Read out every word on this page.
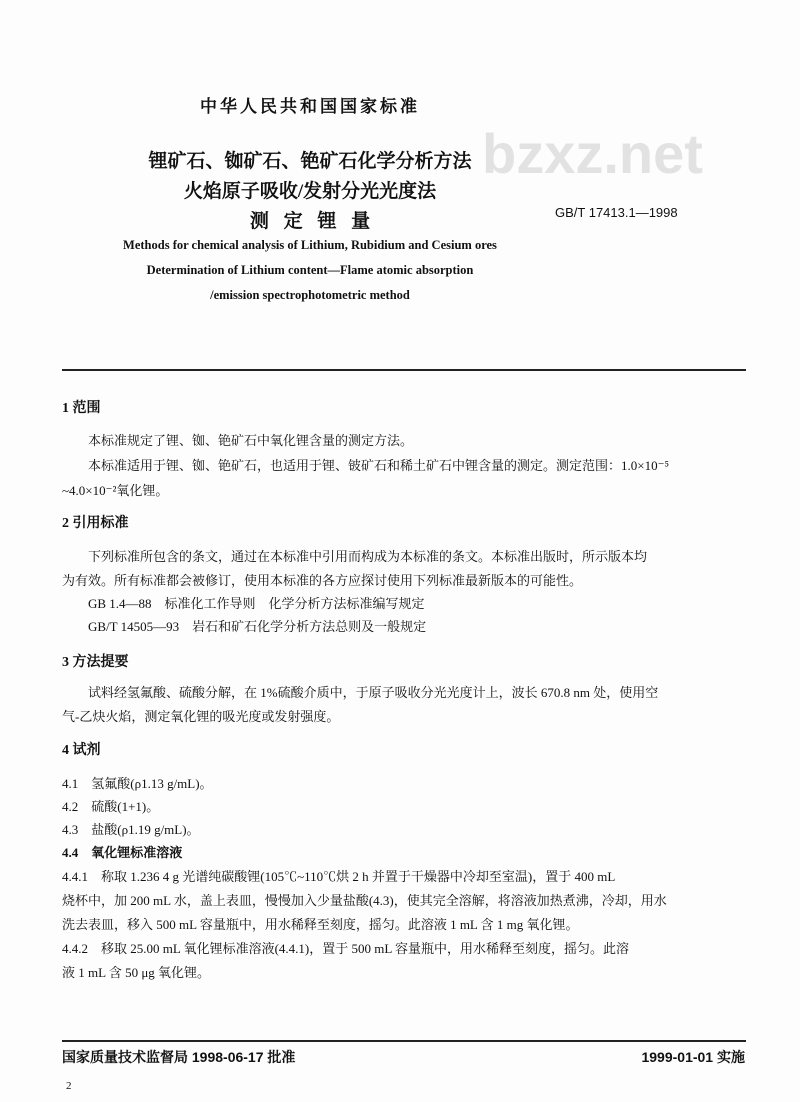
bzxz.net
中华人民共和国国家标准
锂矿石、铷矿石、铯矿石化学分析方法
火焰原子吸收/发射分光光度法
测 定 锂 量	GB/T 17413.1—1998
Methods for chemical analysis of Lithium, Rubidium and Cesium ores
Determination of Lithium content—Flame atomic absorption
/emission spectrophotometric method
1 范围
本标准规定了锂、铷、铯矿石中氧化锂含量的测定方法。
本标准适用于锂、铷、铯矿石，也适用于锂、铍矿石和稀土矿石中锂含量的测定。测定范围：1.0×10⁻⁵
~4.0×10⁻²氧化锂。
2 引用标准
下列标准所包含的条文，通过在本标准中引用而构成为本标准的条文。本标准出版时，所示版本均
为有效。所有标准都会被修订，使用本标准的各方应探讨使用下列标准最新版本的可能性。
GB 1.4—88　标准化工作导则　化学分析方法标准编写规定
GB/T 14505—93　岩石和矿石化学分析方法总则及一般规定
3 方法提要
试料经氢氟酸、硫酸分解，在 1%硫酸介质中，于原子吸收分光光度计上，波长 670.8 nm 处，使用空
气-乙炔火焰，测定氧化锂的吸光度或发射强度。
4 试剂
4.1　氢氟酸(ρ1.13 g/mL)。
4.2　硫酸(1+1)。
4.3　盐酸(ρ1.19 g/mL)。
4.4　氧化锂标准溶液
4.4.1　称取 1.236 4 g 光谱纯碳酸锂(105℃~110℃烘 2 h 并置于干燥器中冷却至室温)，置于 400 mL
烧杯中，加 200 mL 水，盖上表皿，慢慢加入少量盐酸(4.3)，使其完全溶解，将溶液加热煮沸，冷却，用水
洗去表皿，移入 500 mL 容量瓶中，用水稀释至刻度，摇匀。此溶液 1 mL 含 1 mg 氧化锂。
4.4.2　移取 25.00 mL 氧化锂标准溶液(4.4.1)，置于 500 mL 容量瓶中，用水稀释至刻度，摇匀。此溶
液 1 mL 含 50 μg 氧化锂。
国家质量技术监督局 1998-06-17 批准	1999-01-01 实施
2
